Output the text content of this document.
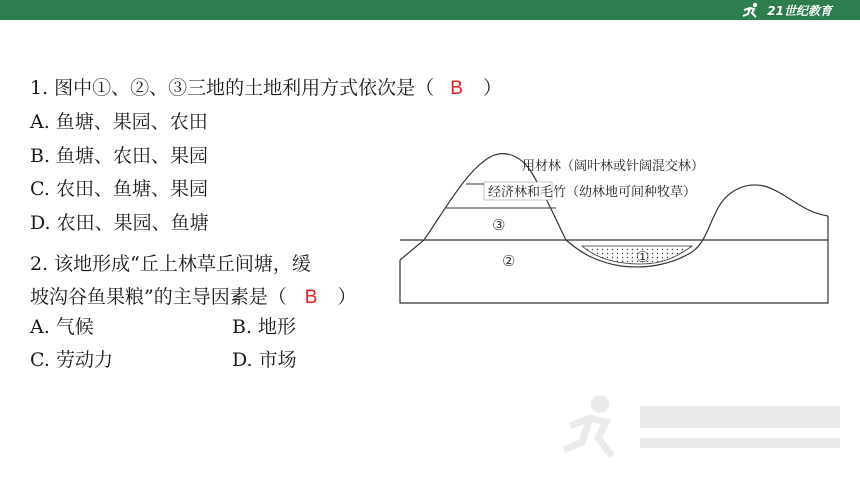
21世纪教育
1. 图中①、②、③三地的土地利用方式依次是（ B ）
A. 鱼塘、果园、农田
B. 鱼塘、农田、果园
C. 农田、鱼塘、果园
D. 农田、果园、鱼塘
2. 该地形成“丘上林草丘间塘，缓
坡沟谷鱼果粮”的主导因素是（ B ）
A. 气候	B. 地形
C. 劳动力	D. 市场
用材林（阔叶林或针阔混交林）
经济林和毛竹（幼林地可间种牧草）
③
②	①
